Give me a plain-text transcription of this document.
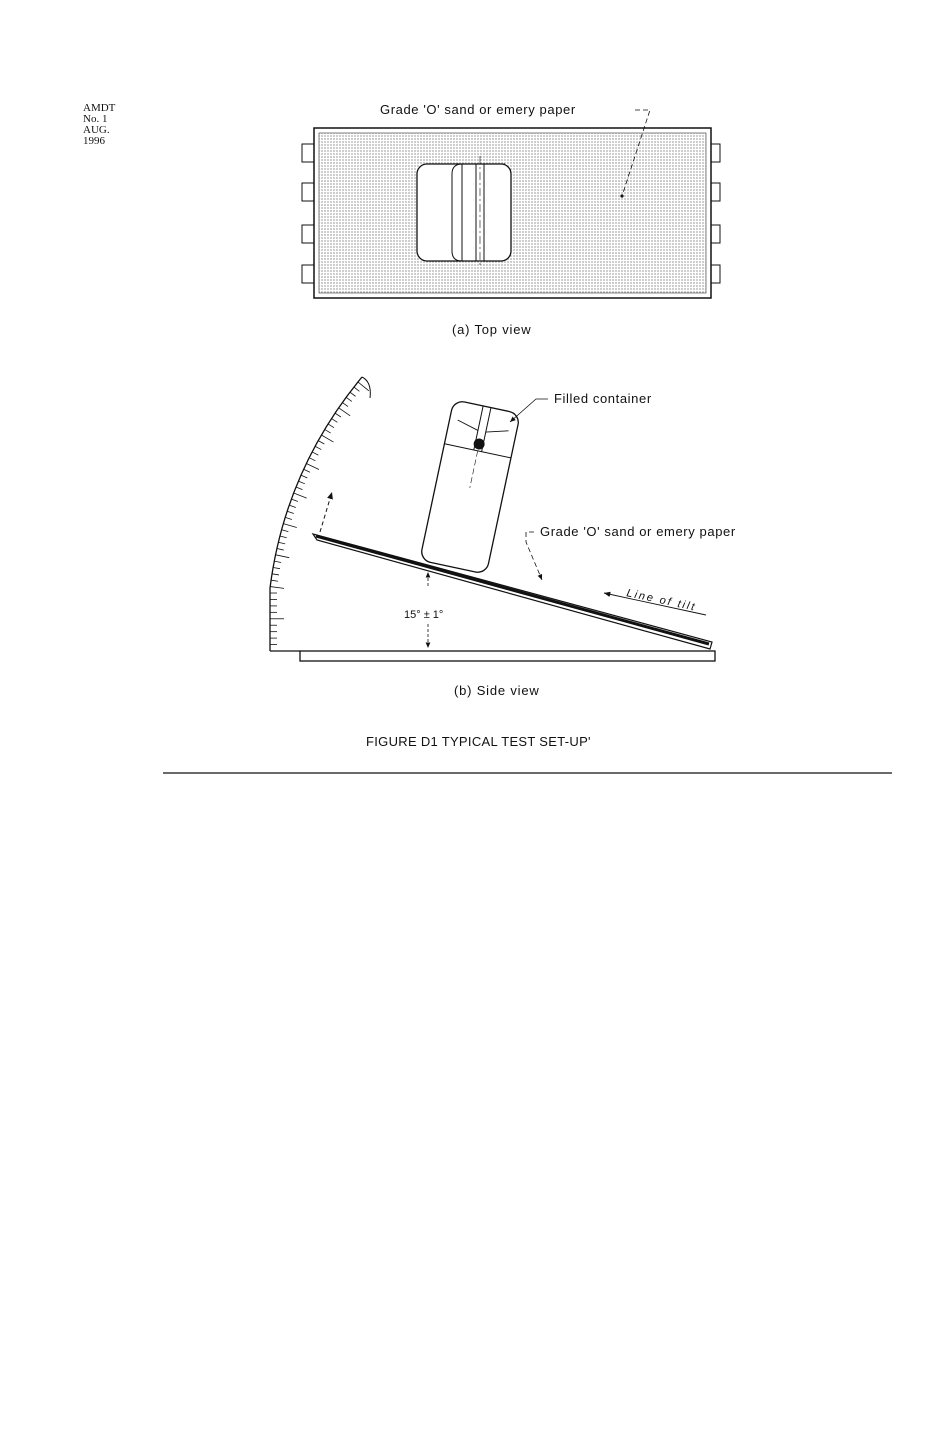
AMDT
No. 1
AUG.
1996
Grade 'O' sand or emery paper
(a) Top view
Filled container
Grade 'O' sand or emery paper
Line of tilt
15° ± 1°
(b) Side view
FIGURE D1 TYPICAL TEST SET-UP'
